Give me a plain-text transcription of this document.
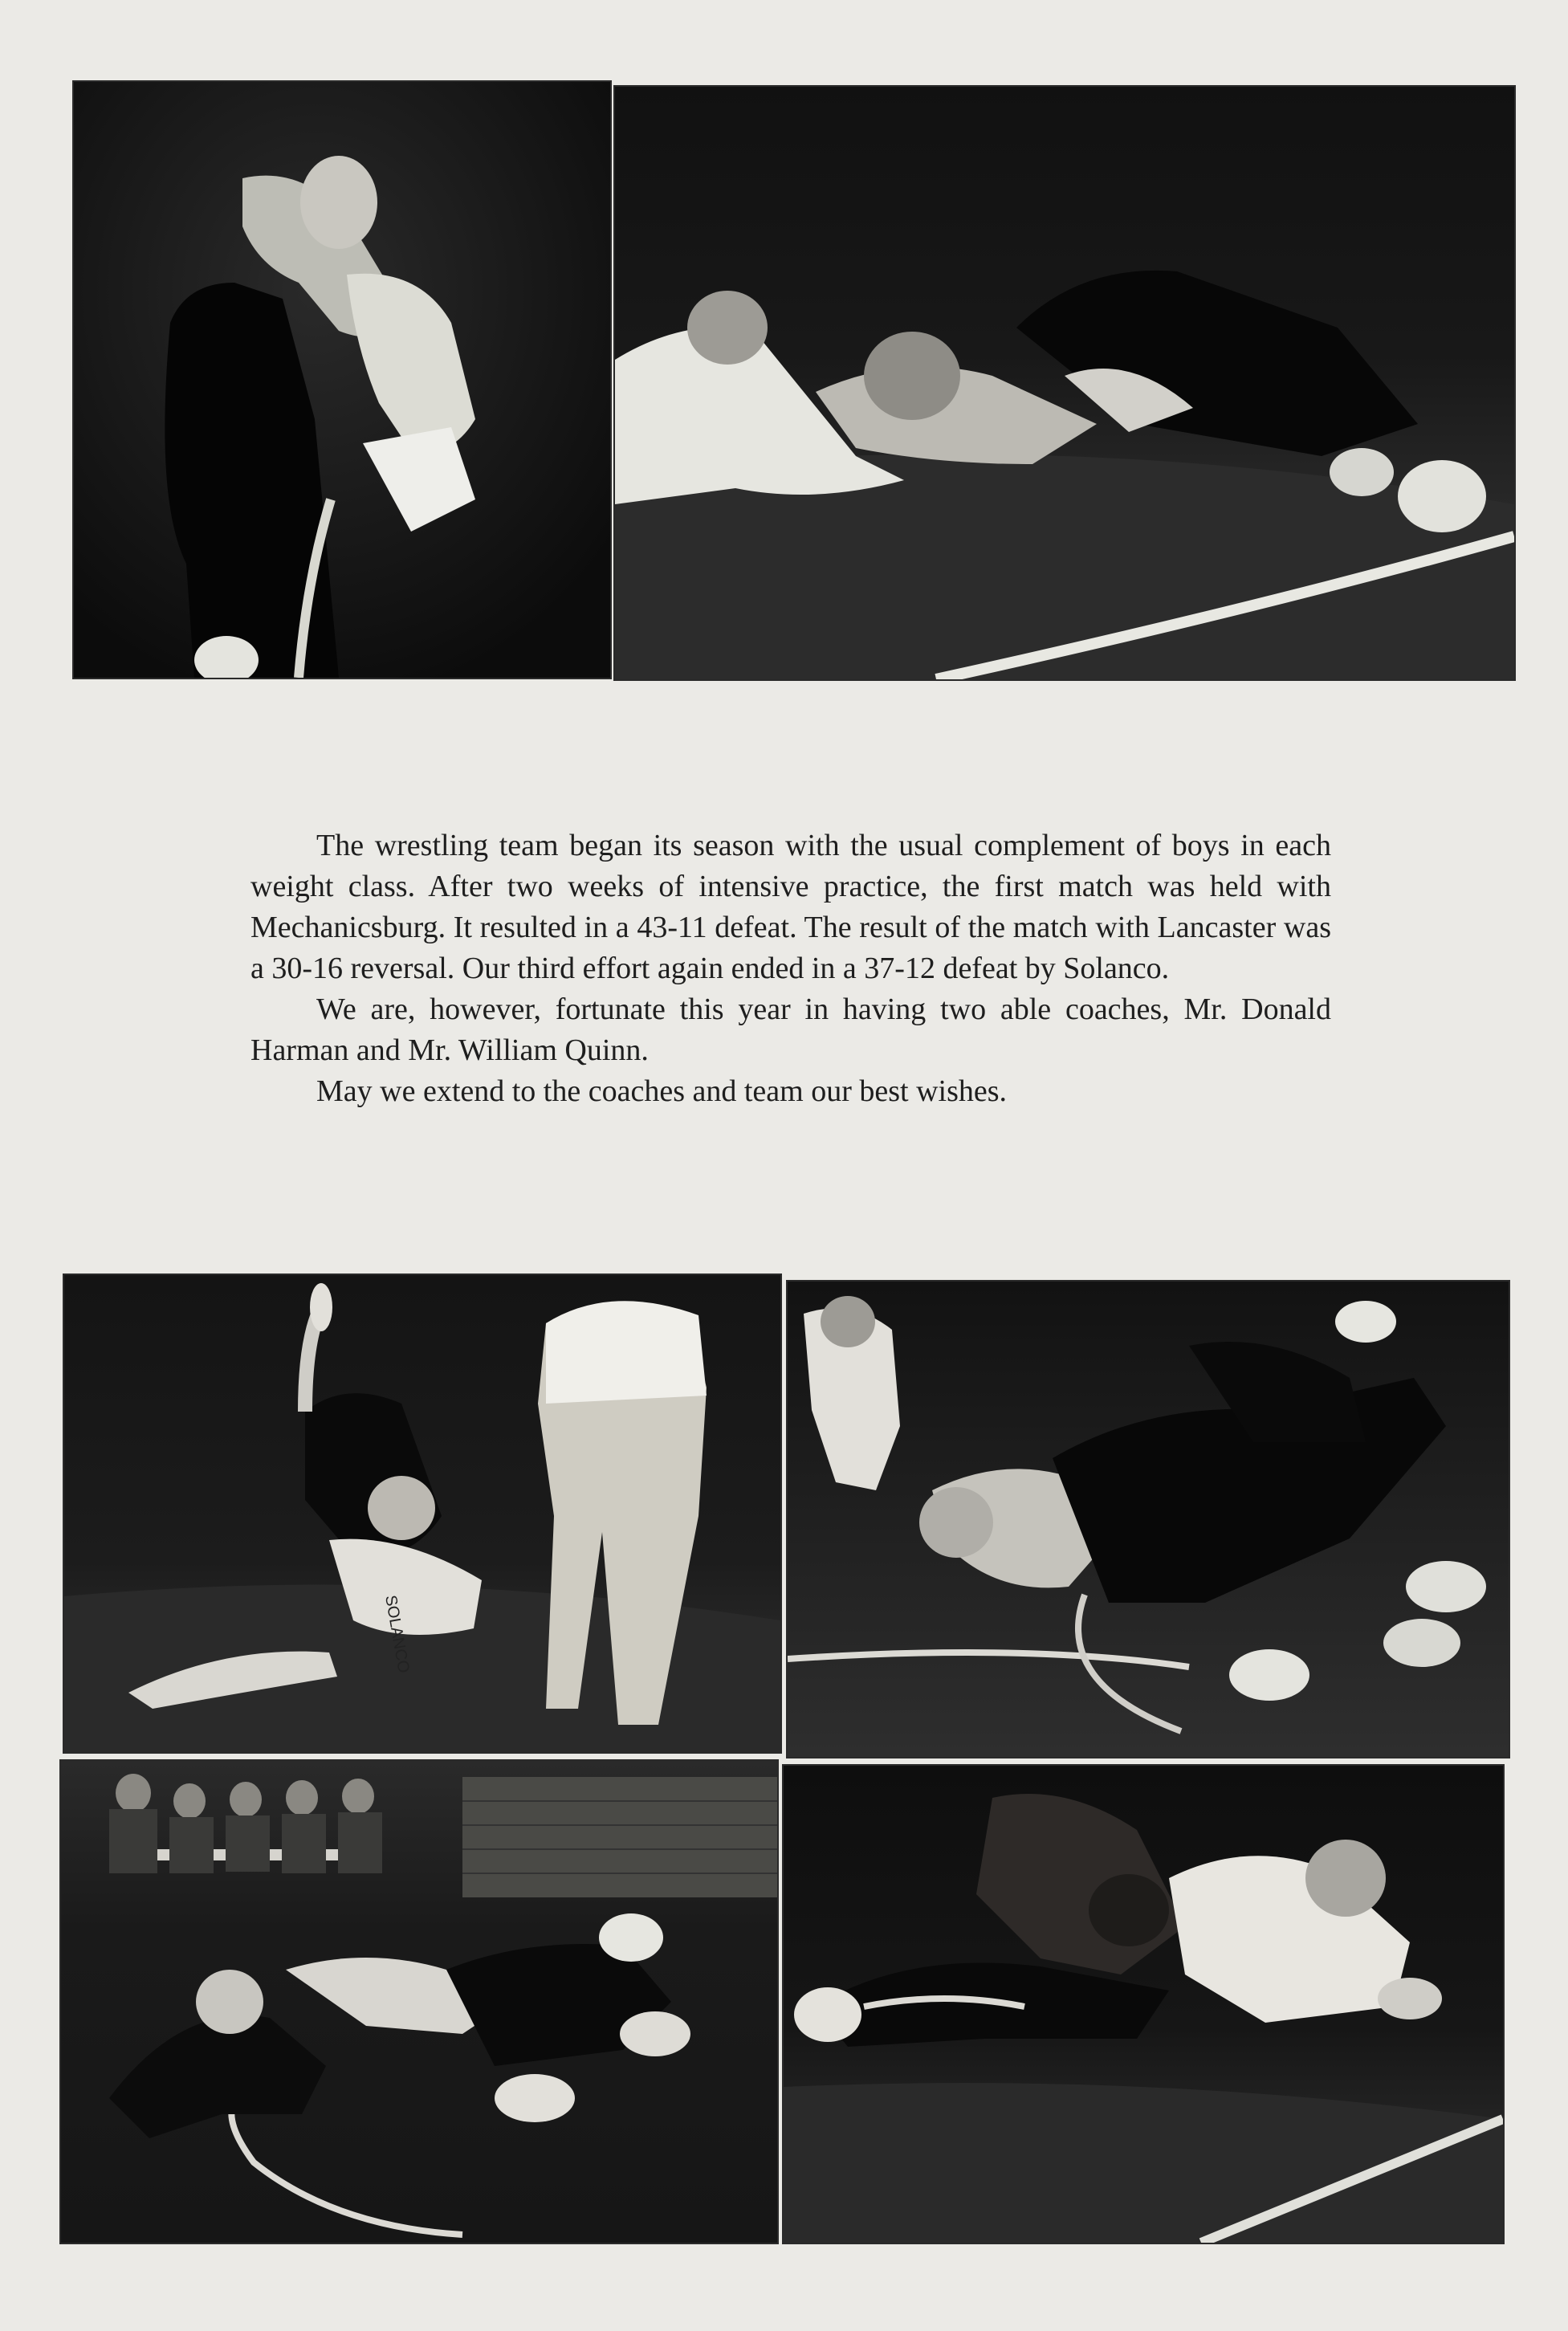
The wrestling team began its season with the usual complement of boys in each weight class. After two weeks of intensive practice, the first match was held with Mechanicsburg. It resulted in a 43-11 defeat. The result of the match with Lancaster was a 30-16 reversal. Our third effort again ended in a 37-12 defeat by Solanco.

We are, however, fortunate this year in having two able coaches, Mr. Donald Harman and Mr. William Quinn.

May we extend to the coaches and team our best wishes.

SOLANCO
